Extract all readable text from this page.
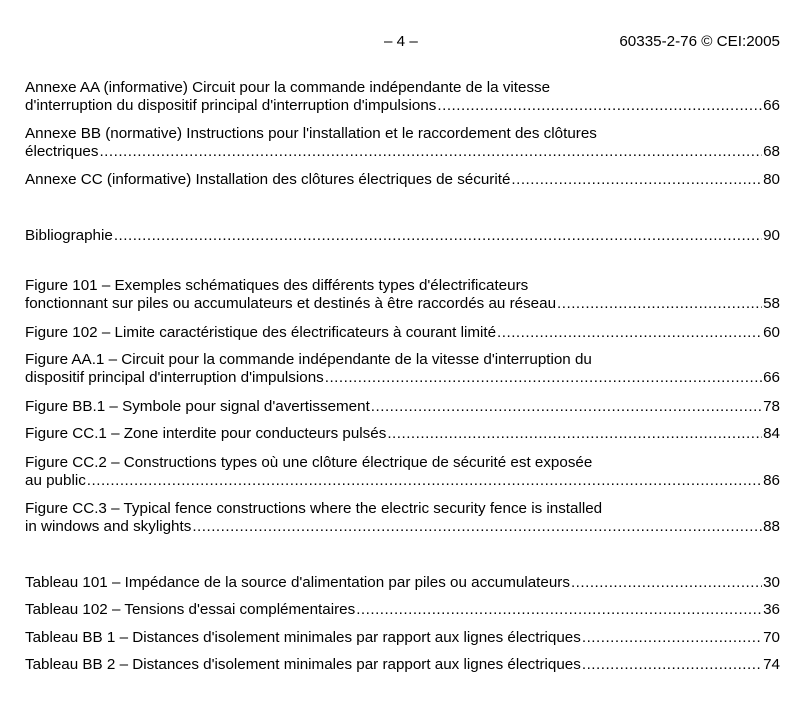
– 4 –	60335-2-76 © CEI:2005
Annexe AA (informative) Circuit pour la commande indépendante de la vitesse
d'interruption du dispositif principal d'interruption d'impulsions .....	66
Annexe BB (normative) Instructions pour l'installation et le raccordement des clôtures
électriques .....	68
Annexe CC (informative) Installation des clôtures électriques de sécurité .....	80
Bibliographie .....	90
Figure 101 – Exemples schématiques des différents types d'électrificateurs
fonctionnant sur piles ou accumulateurs et destinés à être raccordés au réseau .....	58
Figure 102 – Limite caractéristique des électrificateurs à courant limité .....	60
Figure AA.1 – Circuit pour la commande indépendante de la vitesse d'interruption du
dispositif principal d'interruption d'impulsions .....	66
Figure BB.1 – Symbole pour signal d'avertissement .....	78
Figure CC.1 – Zone interdite pour conducteurs pulsés .....	84
Figure CC.2 – Constructions types où une clôture électrique de sécurité est exposée
au public .....	86
Figure CC.3 – Typical fence constructions where the electric security fence is installed
in windows and skylights .....	88
Tableau 101 – Impédance de la source d'alimentation par piles ou accumulateurs .....	30
Tableau 102 – Tensions d'essai complémentaires .....	36
Tableau BB 1 – Distances d'isolement minimales par rapport aux lignes électriques .....	70
Tableau BB 2 – Distances d'isolement minimales par rapport aux lignes électriques .....	74
